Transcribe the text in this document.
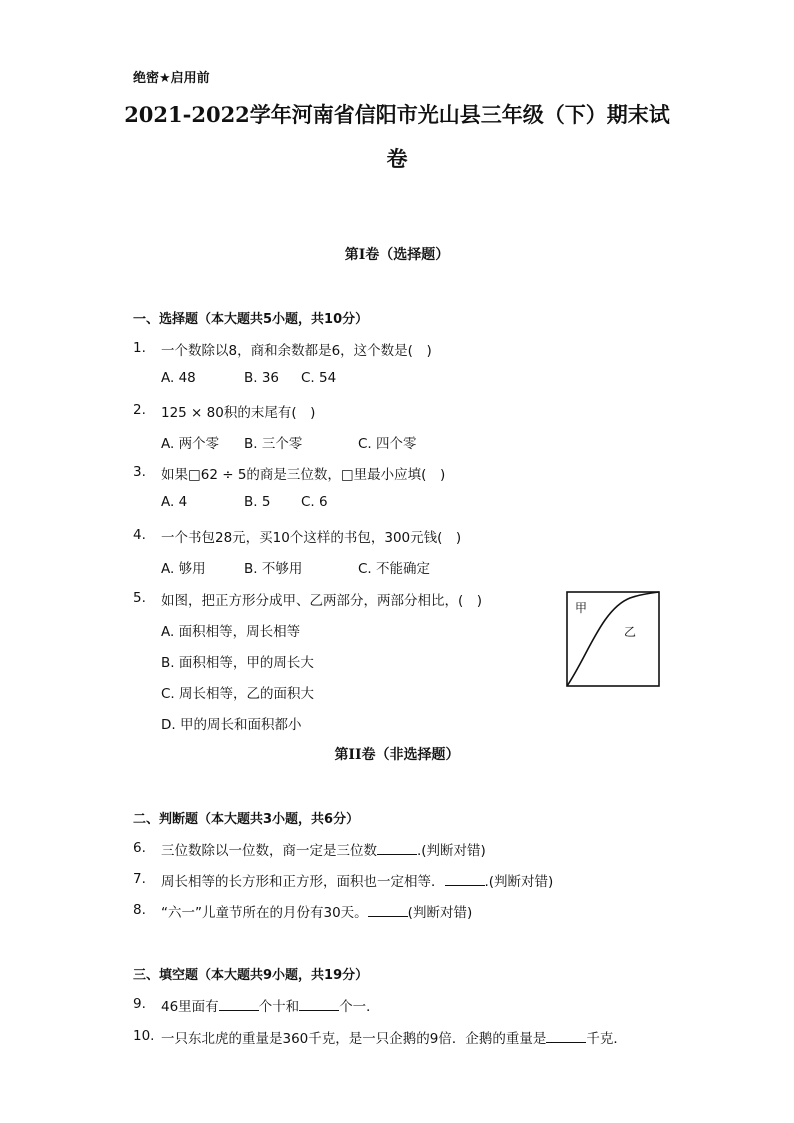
绝密★启用前
2021-2022学年河南省信阳市光山县三年级（下）期末试
卷
第I卷（选择题）
一、选择题（本大题共5小题，共10分）
1. 一个数除以8，商和余数都是6，这个数是(　)
A. 48	B. 36 C. 54
2. 125 × 80积的末尾有(　)
A. 两个零 B. 三个零	C. 四个零
3. 如果□62 ÷ 5的商是三位数，□里最小应填(　)
A. 4	B. 5 C. 6
4. 一个书包28元，买10个这样的书包，300元钱(　)
A. 够用	B. 不够用	C. 不能确定
5. 如图，把正方形分成甲、乙两部分，两部分相比，(　)
A. 面积相等，周长相等
B. 面积相等，甲的周长大
C. 周长相等，乙的面积大
D. 甲的周长和面积都小
甲
乙
第II卷（非选择题）
二、判断题（本大题共3小题，共6分）
6. 三位数除以一位数，商一定是三位数	.(判断对错)
7. 周长相等的长方形和正方形，面积也一定相等．	.(判断对错)
8. “六一”儿童节所在的月份有30天。	(判断对错)
三、填空题（本大题共9小题，共19分）
9. 46里面有	个十和	个一．
10. 一只东北虎的重量是360千克，是一只企鹅的9倍．企鹅的重量是	千克．
